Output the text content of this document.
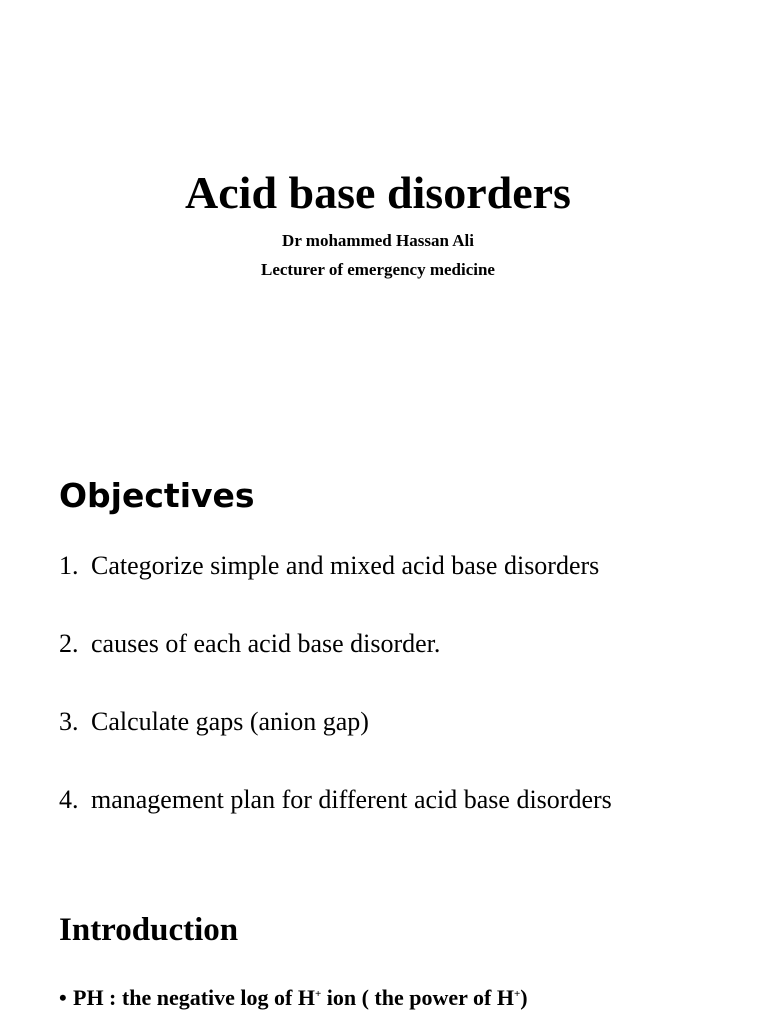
Acid base disorders

Dr mohammed Hassan Ali

Lecturer of emergency medicine

Objectives
1. Categorize simple and mixed acid base disorders
2. causes of each acid base disorder.
3. Calculate gaps (anion gap)
4. management plan for different acid base disorders
Introduction
• PH : the negative log of H+ ion ( the power of H+)
